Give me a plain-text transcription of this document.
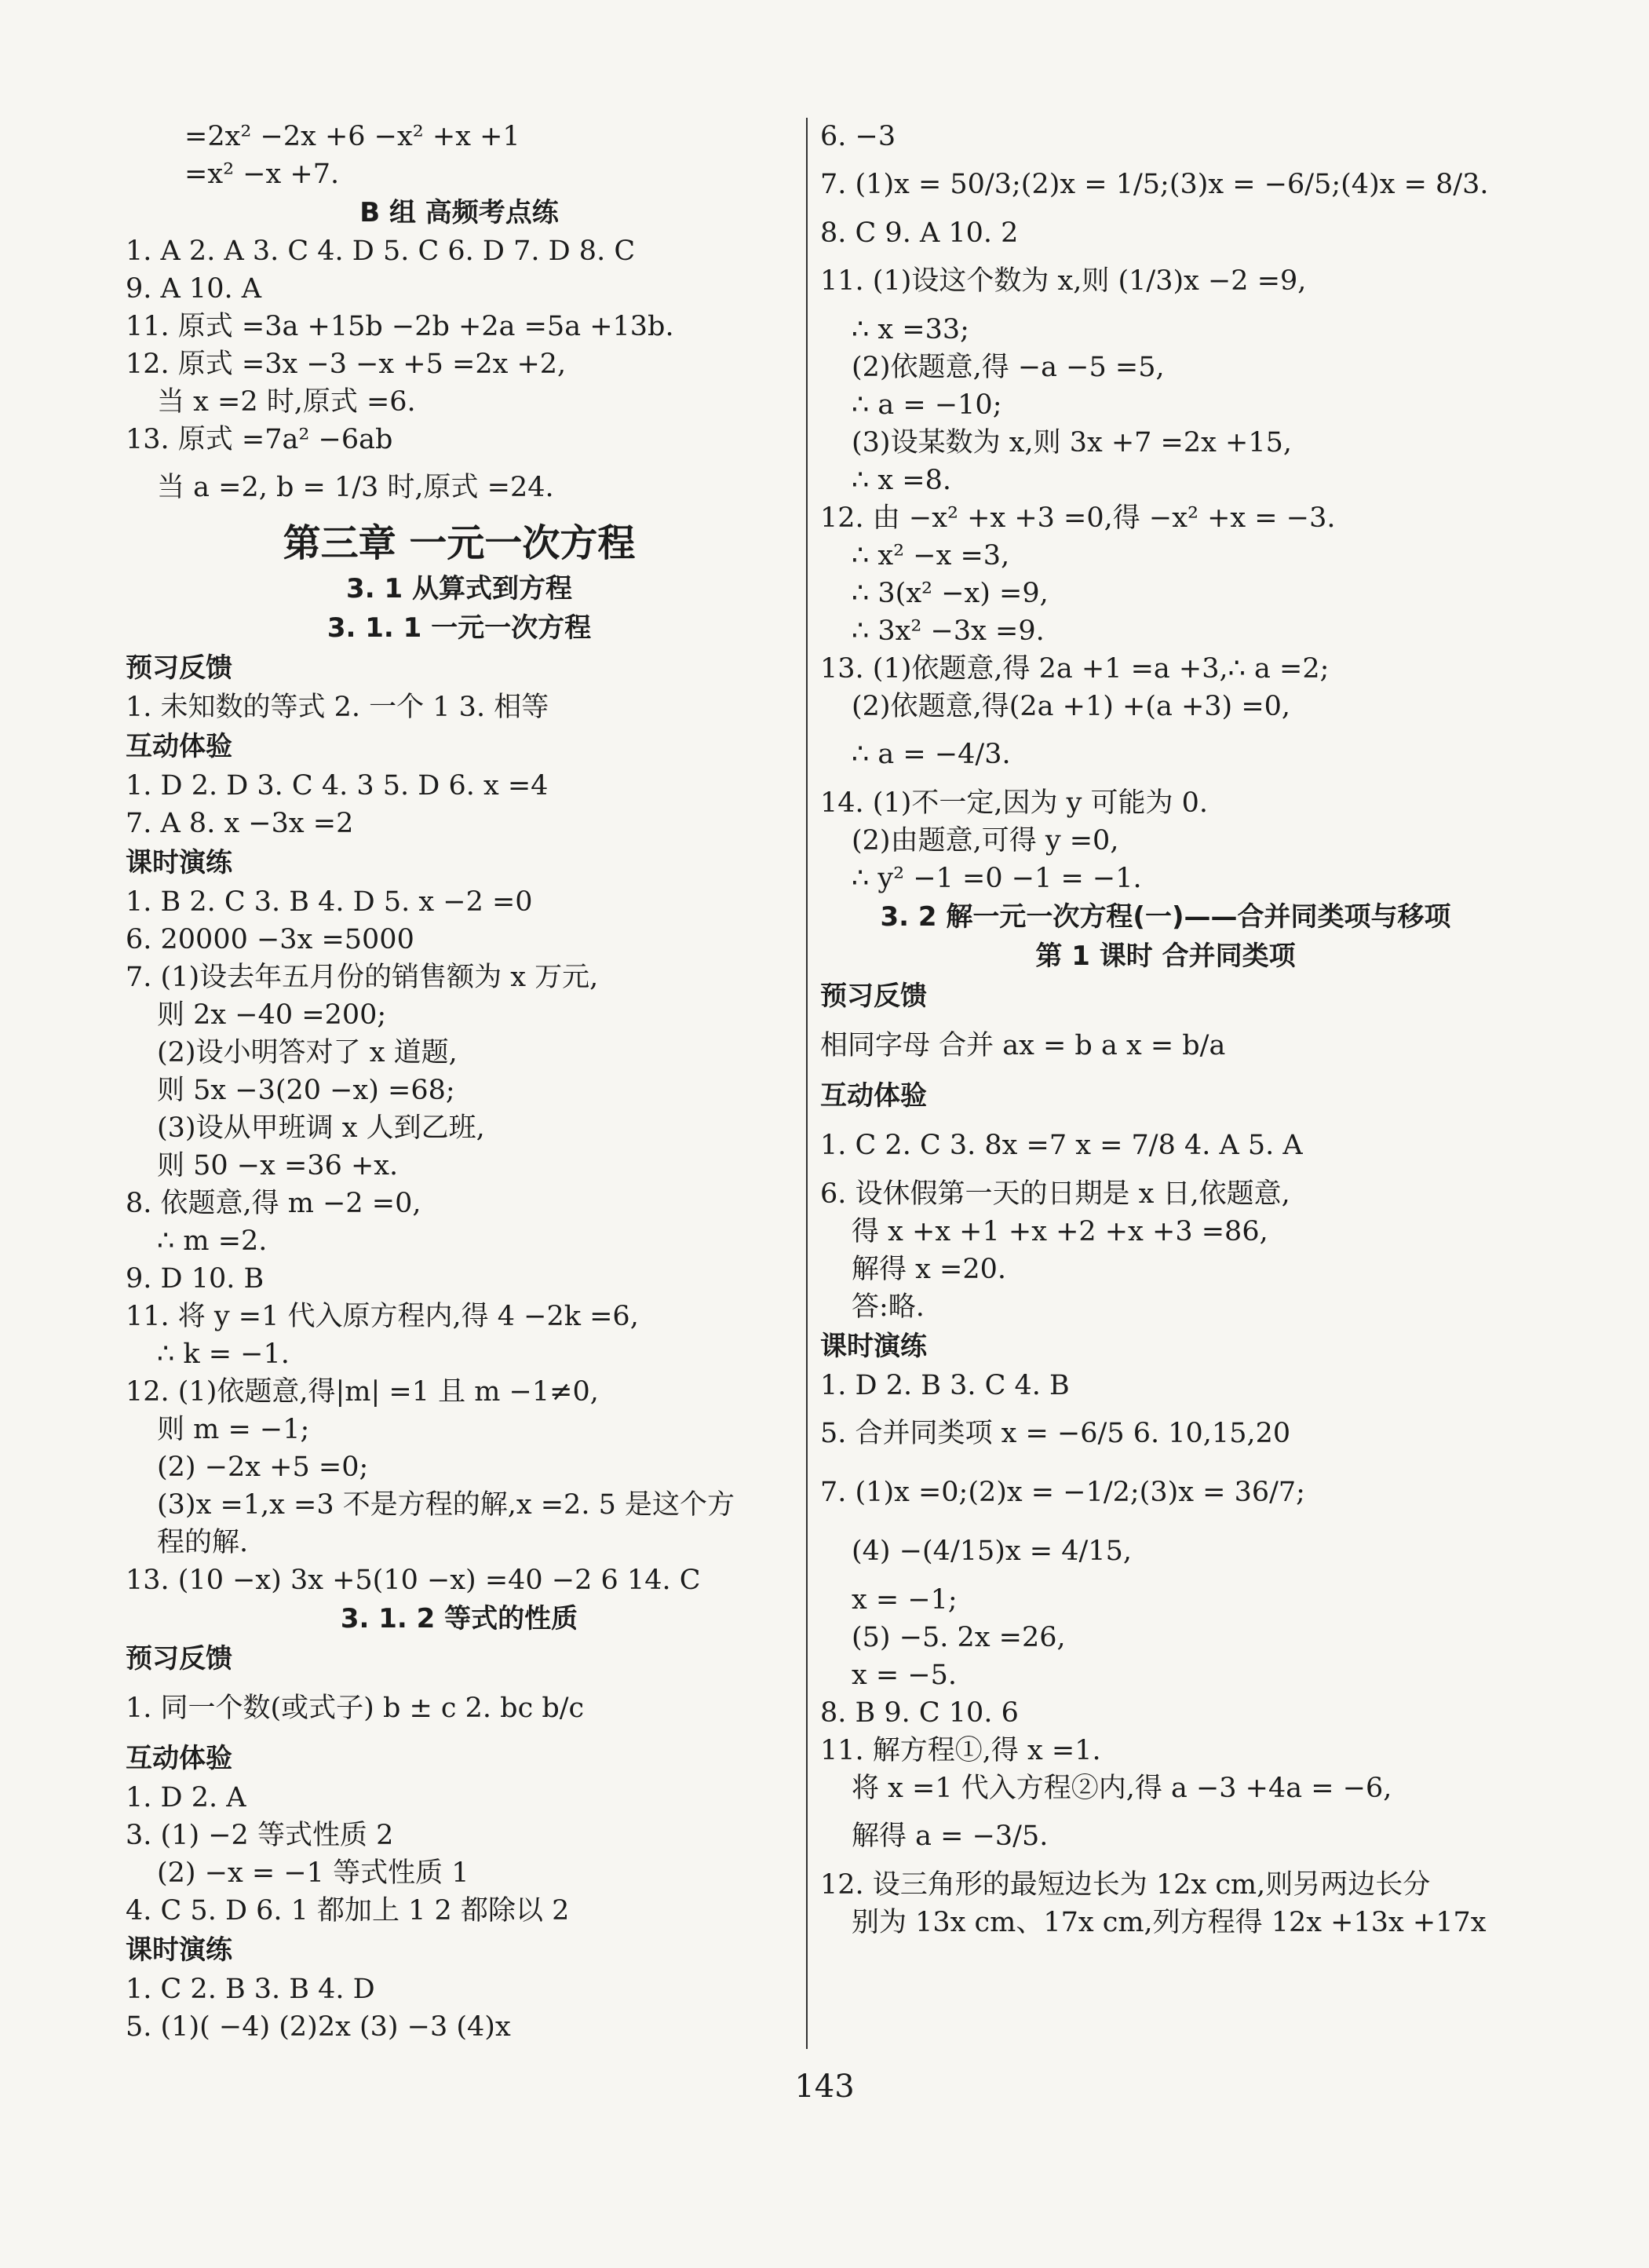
=2x² −2x +6 −x² +x +1
=x² −x +7.
B 组 高频考点练
1. A 2. A 3. C 4. D 5. C 6. D 7. D 8. C
9. A 10. A
11. 原式 =3a +15b −2b +2a =5a +13b.
12. 原式 =3x −3 −x +5 =2x +2,
当 x =2 时,原式 =6.
13. 原式 =7a² −6ab
当 a =2, b = 1/3 时,原式 =24.
第三章 一元一次方程
3. 1 从算式到方程
3. 1. 1 一元一次方程
预习反馈
1. 未知数的等式 2. 一个 1 3. 相等
互动体验
1. D 2. D 3. C 4. 3 5. D 6. x =4
7. A 8. x −3x =2
课时演练
1. B 2. C 3. B 4. D 5. x −2 =0
6. 20000 −3x =5000
7. (1)设去年五月份的销售额为 x 万元,
则 2x −40 =200;
(2)设小明答对了 x 道题,
则 5x −3(20 −x) =68;
(3)设从甲班调 x 人到乙班,
则 50 −x =36 +x.
8. 依题意,得 m −2 =0,
∴ m =2.
9. D 10. B
11. 将 y =1 代入原方程内,得 4 −2k =6,
∴ k = −1.
12. (1)依题意,得|m| =1 且 m −1≠0,
则 m = −1;
(2) −2x +5 =0;
(3)x =1,x =3 不是方程的解,x =2. 5 是这个方
程的解.
13. (10 −x) 3x +5(10 −x) =40 −2 6 14. C
3. 1. 2 等式的性质
预习反馈
1. 同一个数(或式子) b ± c 2. bc b/c
互动体验
1. D 2. A
3. (1) −2 等式性质 2
(2) −x = −1 等式性质 1
4. C 5. D 6. 1 都加上 1 2 都除以 2
课时演练
1. C 2. B 3. B 4. D
5. (1)( −4) (2)2x (3) −3 (4)x
6. −3
7. (1)x = 50/3;(2)x = 1/5;(3)x = −6/5;(4)x = 8/3.
8. C 9. A 10. 2
11. (1)设这个数为 x,则 (1/3)x −2 =9,
∴ x =33;
(2)依题意,得 −a −5 =5,
∴ a = −10;
(3)设某数为 x,则 3x +7 =2x +15,
∴ x =8.
12. 由 −x² +x +3 =0,得 −x² +x = −3.
∴ x² −x =3,
∴ 3(x² −x) =9,
∴ 3x² −3x =9.
13. (1)依题意,得 2a +1 =a +3,∴ a =2;
(2)依题意,得(2a +1) +(a +3) =0,
∴ a = −4/3.
14. (1)不一定,因为 y 可能为 0.
(2)由题意,可得 y =0,
∴ y² −1 =0 −1 = −1.
3. 2 解一元一次方程(一)——合并同类项与移项
第 1 课时 合并同类项
预习反馈
相同字母 合并 ax = b a x = b/a
互动体验
1. C 2. C 3. 8x =7 x = 7/8 4. A 5. A
6. 设休假第一天的日期是 x 日,依题意,
得 x +x +1 +x +2 +x +3 =86,
解得 x =20.
答:略.
课时演练
1. D 2. B 3. C 4. B
5. 合并同类项 x = −6/5 6. 10,15,20
7. (1)x =0;(2)x = −1/2;(3)x = 36/7;
(4) −(4/15)x = 4/15,
x = −1;
(5) −5. 2x =26,
x = −5.
8. B 9. C 10. 6
11. 解方程①,得 x =1.
将 x =1 代入方程②内,得 a −3 +4a = −6,
解得 a = −3/5.
12. 设三角形的最短边长为 12x cm,则另两边长分
别为 13x cm、17x cm,列方程得 12x +13x +17x
143
